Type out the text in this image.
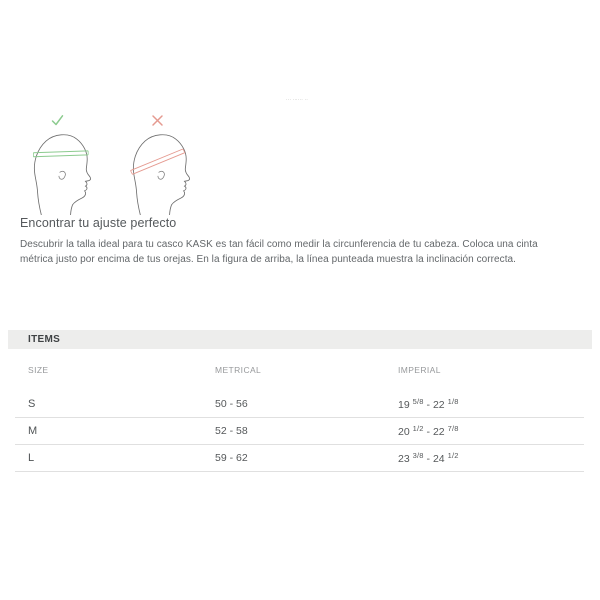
··· ······ ··
Encontrar tu ajuste perfecto
Descubrir la talla ideal para tu casco KASK es tan fácil como medir la circunferencia de tu cabeza. Coloca una cinta métrica justo por encima de tus orejas. En la figura de arriba, la línea punteada muestra la inclinación correcta.
ITEMS
SIZE	METRICAL	IMPERIAL
S	50 - 56	19 $^{5/8}$ - 22 $^{1/8}$
M	52 - 58	20 $^{1/2}$ - 22 $^{7/8}$
L	59 - 62	23 $^{3/8}$ - 24 $^{1/2}$
